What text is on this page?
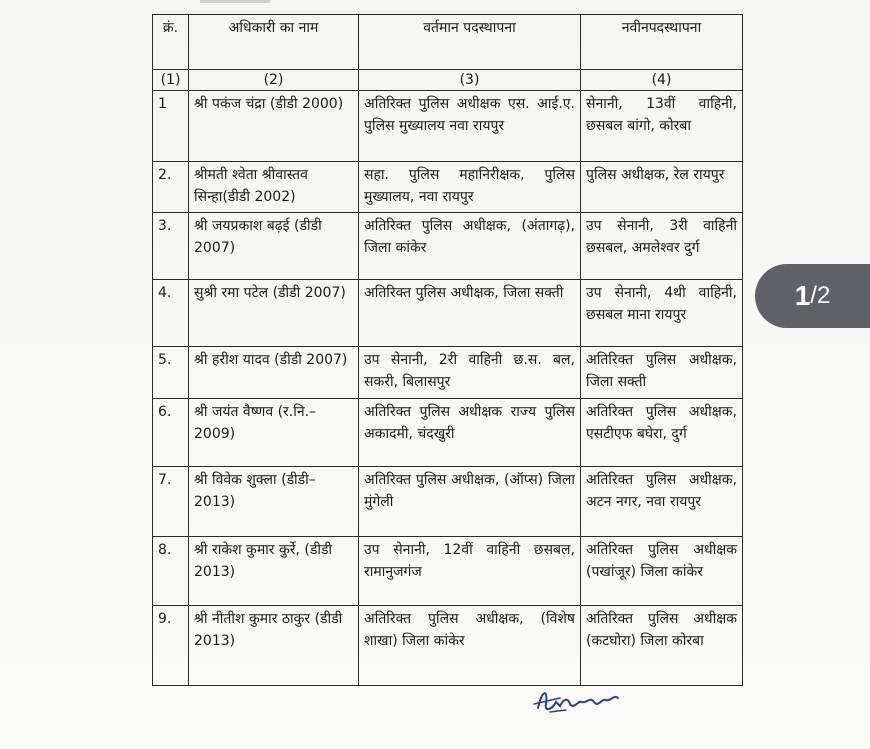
क्रं.	अधिकारी का नाम	वर्तमान पदस्थापना	नवीनपदस्थापना
(1)	(2)	(3)	(4)
1	श्री पकंज चंद्रा (डीडी 2000)	अतिरिक्त पुलिस अधीक्षक एस. आई.ए. पुलिस मुख्यालय नवा रायपुर	सेनानी, 13वीं वाहिनी, छसबल बांगो, कोरबा
2.	श्रीमती श्वेता श्रीवास्तव सिन्हा(डीडी 2002)	सहा. पुलिस महानिरीक्षक, पुलिस मुख्यालय, नवा रायपुर	पुलिस अधीक्षक, रेल रायपुर
3.	श्री जयप्रकाश बढ़ई (डीडी 2007)	अतिरिक्त पुलिस अधीक्षक, (अंतागढ़), जिला कांकेर	उप सेनानी, 3री वाहिनी छसबल, अमलेश्वर दुर्ग
4.	सुश्री रमा पटेल (डीडी 2007)	अतिरिक्त पुलिस अधीक्षक, जिला सक्ती	उप सेनानी, 4थी वाहिनी, छसबल माना रायपुर
5.	श्री हरीश यादव (डीडी 2007)	उप सेनानी, 2री वाहिनी छ.स. बल, सकरी, बिलासपुर	अतिरिक्त पुलिस अधीक्षक, जिला सक्ती
6.	श्री जयंत वैष्णव (र.नि.–2009)	अतिरिक्त पुलिस अधीक्षक राज्य पुलिस अकादमी, चंदखुरी	अतिरिक्त पुलिस अधीक्षक, एसटीएफ बघेरा, दुर्ग
7.	श्री विवेक शुक्ला (डीडी–2013)	अतिरिक्त पुलिस अधीक्षक, (ऑप्स) जिला मुंगेली	अतिरिक्त पुलिस अधीक्षक, अटन नगर, नवा रायपुर
8.	श्री राकेश कुमार कुर्रे, (डीडी 2013)	उप सेनानी, 12वीं वाहिनी छसबल, रामानुजगंज	अतिरिक्त पुलिस अधीक्षक (पखांजूर) जिला कांकेर
9.	श्री नीतीश कुमार ठाकुर (डीडी 2013)	अतिरिक्त पुलिस अधीक्षक, (विशेष शाखा) जिला कांकेर	अतिरिक्त पुलिस अधीक्षक (कटघोरा) जिला कोरबा
1 / 2
